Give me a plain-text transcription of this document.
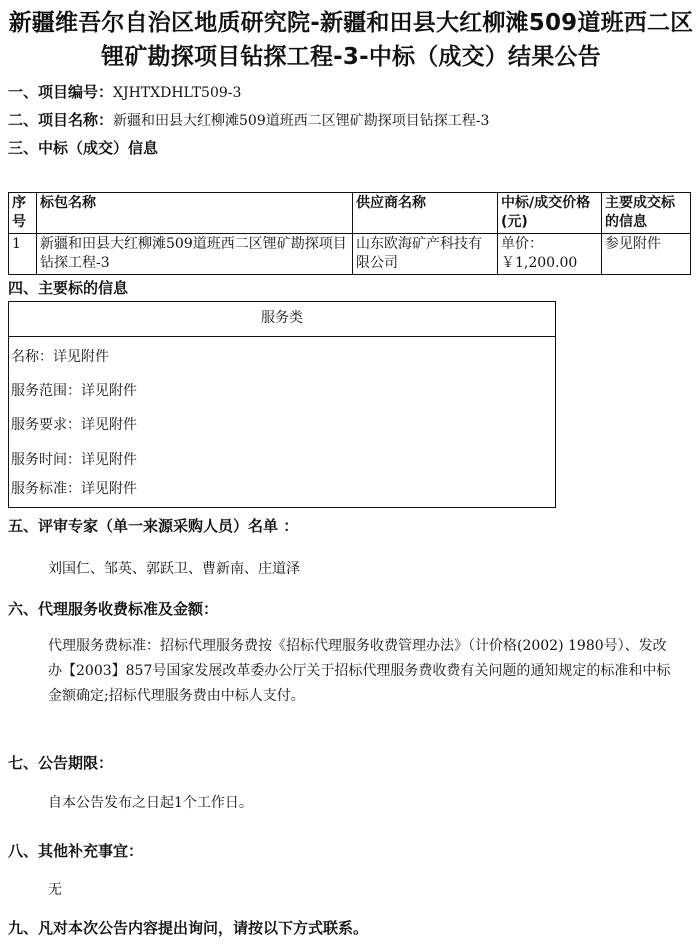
新疆维吾尔自治区地质研究院-新疆和田县大红柳滩509道班西二区锂矿勘探项目钻探工程-3-中标（成交）结果公告
一、项目编号：XJHTXDHLT509-3
二、项目名称：新疆和田县大红柳滩509道班西二区锂矿勘探项目钻探工程-3
三、中标（成交）信息
序号	标包名称	供应商名称	中标/成交价格(元)	主要成交标的信息
1	新疆和田县大红柳滩509道班西二区锂矿勘探项目钻探工程-3	山东欧海矿产科技有限公司	单价：￥1,200.00	参见附件
四、主要标的信息
服务类
名称：详见附件
服务范围：详见附件
服务要求：详见附件
服务时间：详见附件
服务标准：详见附件
五、评审专家（单一来源采购人员）名单 ：
刘国仁、邹英、郭跃卫、曹新南、庄道泽
六、代理服务收费标准及金额：
代理服务费标准：招标代理服务费按《招标代理服务收费管理办法》（计价格(2002) 1980号）、发改办【2003】857号国家发展改革委办公厅关于招标代理服务费收费有关问题的通知规定的标准和中标金额确定;招标代理服务费由中标人支付。
七、公告期限：
自本公告发布之日起1个工作日。
八、其他补充事宜：
无
九、凡对本次公告内容提出询问，请按以下方式联系。
